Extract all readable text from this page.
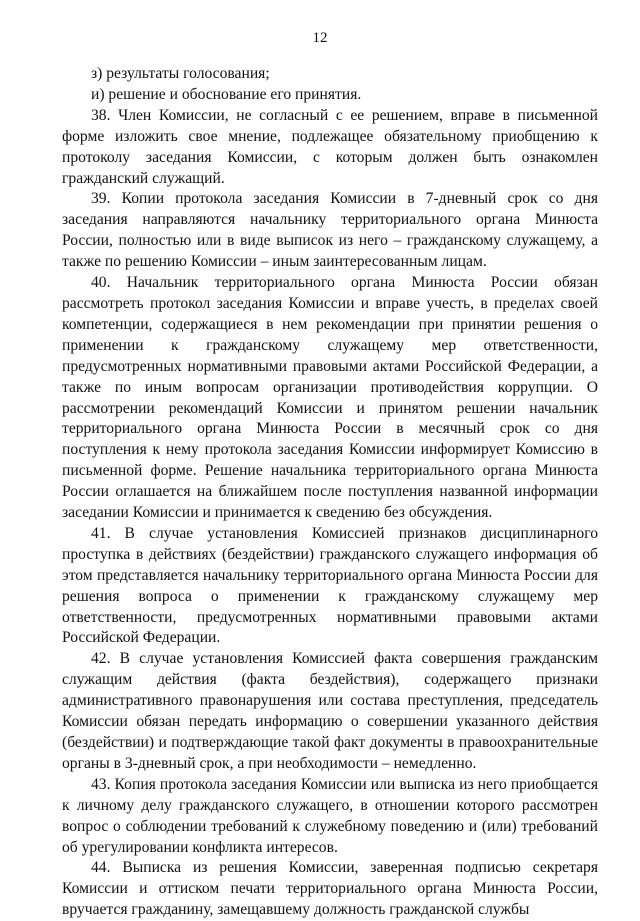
12

з) результаты голосования;

и) решение и обоснование его принятия.

38. Член Комиссии, не согласный с ее решением, вправе в письменной форме изложить свое мнение, подлежащее обязательному приобщению к протоколу заседания Комиссии, с которым должен быть ознакомлен гражданский служащий.

39. Копии протокола заседания Комиссии в 7-дневный срок со дня заседания направляются начальнику территориального органа Минюста России, полностью или в виде выписок из него – гражданскому служащему, а также по решению Комиссии – иным заинтересованным лицам.

40. Начальник территориального органа Минюста России обязан рассмотреть протокол заседания Комиссии и вправе учесть, в пределах своей компетенции, содержащиеся в нем рекомендации при принятии решения о применении к гражданскому служащему мер ответственности, предусмотренных нормативными правовыми актами Российской Федерации, а также по иным вопросам организации противодействия коррупции. О рассмотрении рекомендаций Комиссии и принятом решении начальник территориального органа Минюста России в месячный срок со дня поступления к нему протокола заседания Комиссии информирует Комиссию в письменной форме. Решение начальника территориального органа Минюста России оглашается на ближайшем после поступления названной информации заседании Комиссии и принимается к сведению без обсуждения.

41. В случае установления Комиссией признаков дисциплинарного проступка в действиях (бездействии) гражданского служащего информация об этом представляется начальнику территориального органа Минюста России для решения вопроса о применении к гражданскому служащему мер ответственности, предусмотренных нормативными правовыми актами Российской Федерации.

42. В случае установления Комиссией факта совершения гражданским служащим действия (факта бездействия), содержащего признаки административного правонарушения или состава преступления, председатель Комиссии обязан передать информацию о совершении указанного действия (бездействии) и подтверждающие такой факт документы в правоохранительные органы в 3-дневный срок, а при необходимости – немедленно.

43. Копия протокола заседания Комиссии или выписка из него приобщается к личному делу гражданского служащего, в отношении которого рассмотрен вопрос о соблюдении требований к служебному поведению и (или) требований об урегулировании конфликта интересов.

44. Выписка из решения Комиссии, заверенная подписью секретаря Комиссии и оттиском печати территориального органа Минюста России, вручается гражданину, замещавшему должность гражданской службы
